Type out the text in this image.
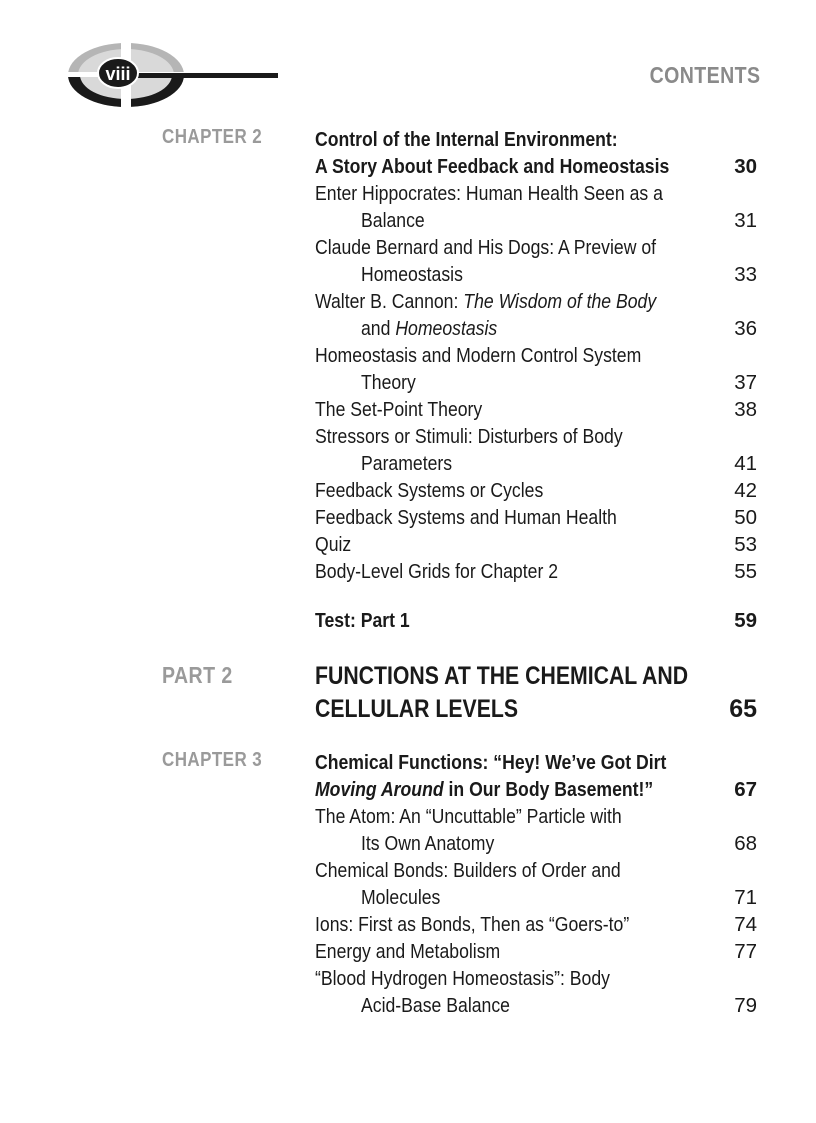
viii	CONTENTS
CHAPTER 2	Control of the Internal Environment:
A Story About Feedback and Homeostasis	30
Enter Hippocrates: Human Health Seen as a
Balance	31
Claude Bernard and His Dogs: A Preview of
Homeostasis	33
Walter B. Cannon: The Wisdom of the Body
and Homeostasis	36
Homeostasis and Modern Control System
Theory	37
The Set-Point Theory	38
Stressors or Stimuli: Disturbers of Body
Parameters	41
Feedback Systems or Cycles	42
Feedback Systems and Human Health	50
Quiz	53
Body-Level Grids for Chapter 2	55
Test: Part 1	59
PART 2	FUNCTIONS AT THE CHEMICAL AND
CELLULAR LEVELS	65
CHAPTER 3	Chemical Functions: “Hey! We’ve Got Dirt
Moving Around in Our Body Basement!”	67
The Atom: An “Uncuttable” Particle with
Its Own Anatomy	68
Chemical Bonds: Builders of Order and
Molecules	71
Ions: First as Bonds, Then as “Goers-to”	74
Energy and Metabolism	77
“Blood Hydrogen Homeostasis”: Body
Acid-Base Balance	79
